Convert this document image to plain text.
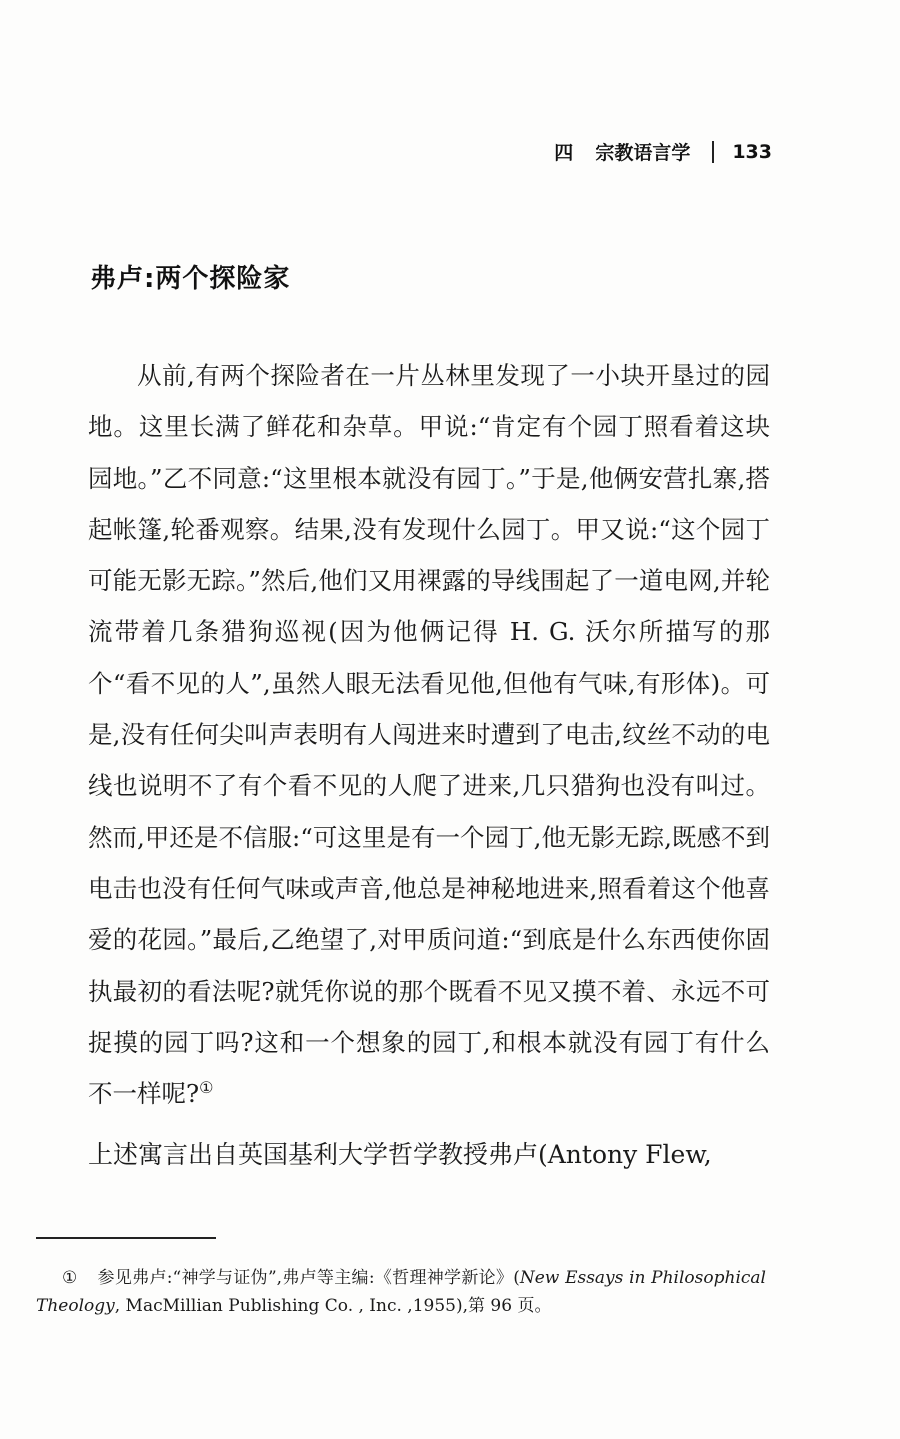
四 宗教语言学 133
弗卢:两个探险家

从前,有两个探险者在一片丛林里发现了一小块开垦过的园地。这里长满了鲜花和杂草。甲说:“肯定有个园丁照看着这块园地。”乙不同意:“这里根本就没有园丁。”于是,他俩安营扎寨,搭起帐篷,轮番观察。结果,没有发现什么园丁。甲又说:“这个园丁可能无影无踪。”然后,他们又用裸露的导线围起了一道电网,并轮流带着几条猎狗巡视(因为他俩记得 H. G. 沃尔所描写的那个“看不见的人”,虽然人眼无法看见他,但他有气味,有形体)。可是,没有任何尖叫声表明有人闯进来时遭到了电击,纹丝不动的电线也说明不了有个看不见的人爬了进来,几只猎狗也没有叫过。然而,甲还是不信服:“可这里是有一个园丁,他无影无踪,既感不到电击也没有任何气味或声音,他总是神秘地进来,照看着这个他喜爱的花园。”最后,乙绝望了,对甲质问道:“到底是什么东西使你固执最初的看法呢?就凭你说的那个既看不见又摸不着、永远不可捉摸的园丁吗?这和一个想象的园丁,和根本就没有园丁有什么不一样呢?①

上述寓言出自英国基利大学哲学教授弗卢(Antony Flew,
① 参见弗卢:“神学与证伪”,弗卢等主编:《哲理神学新论》(New Essays in Philosophical Theology, MacMillian Publishing Co. , Inc. ,1955),第 96 页。
